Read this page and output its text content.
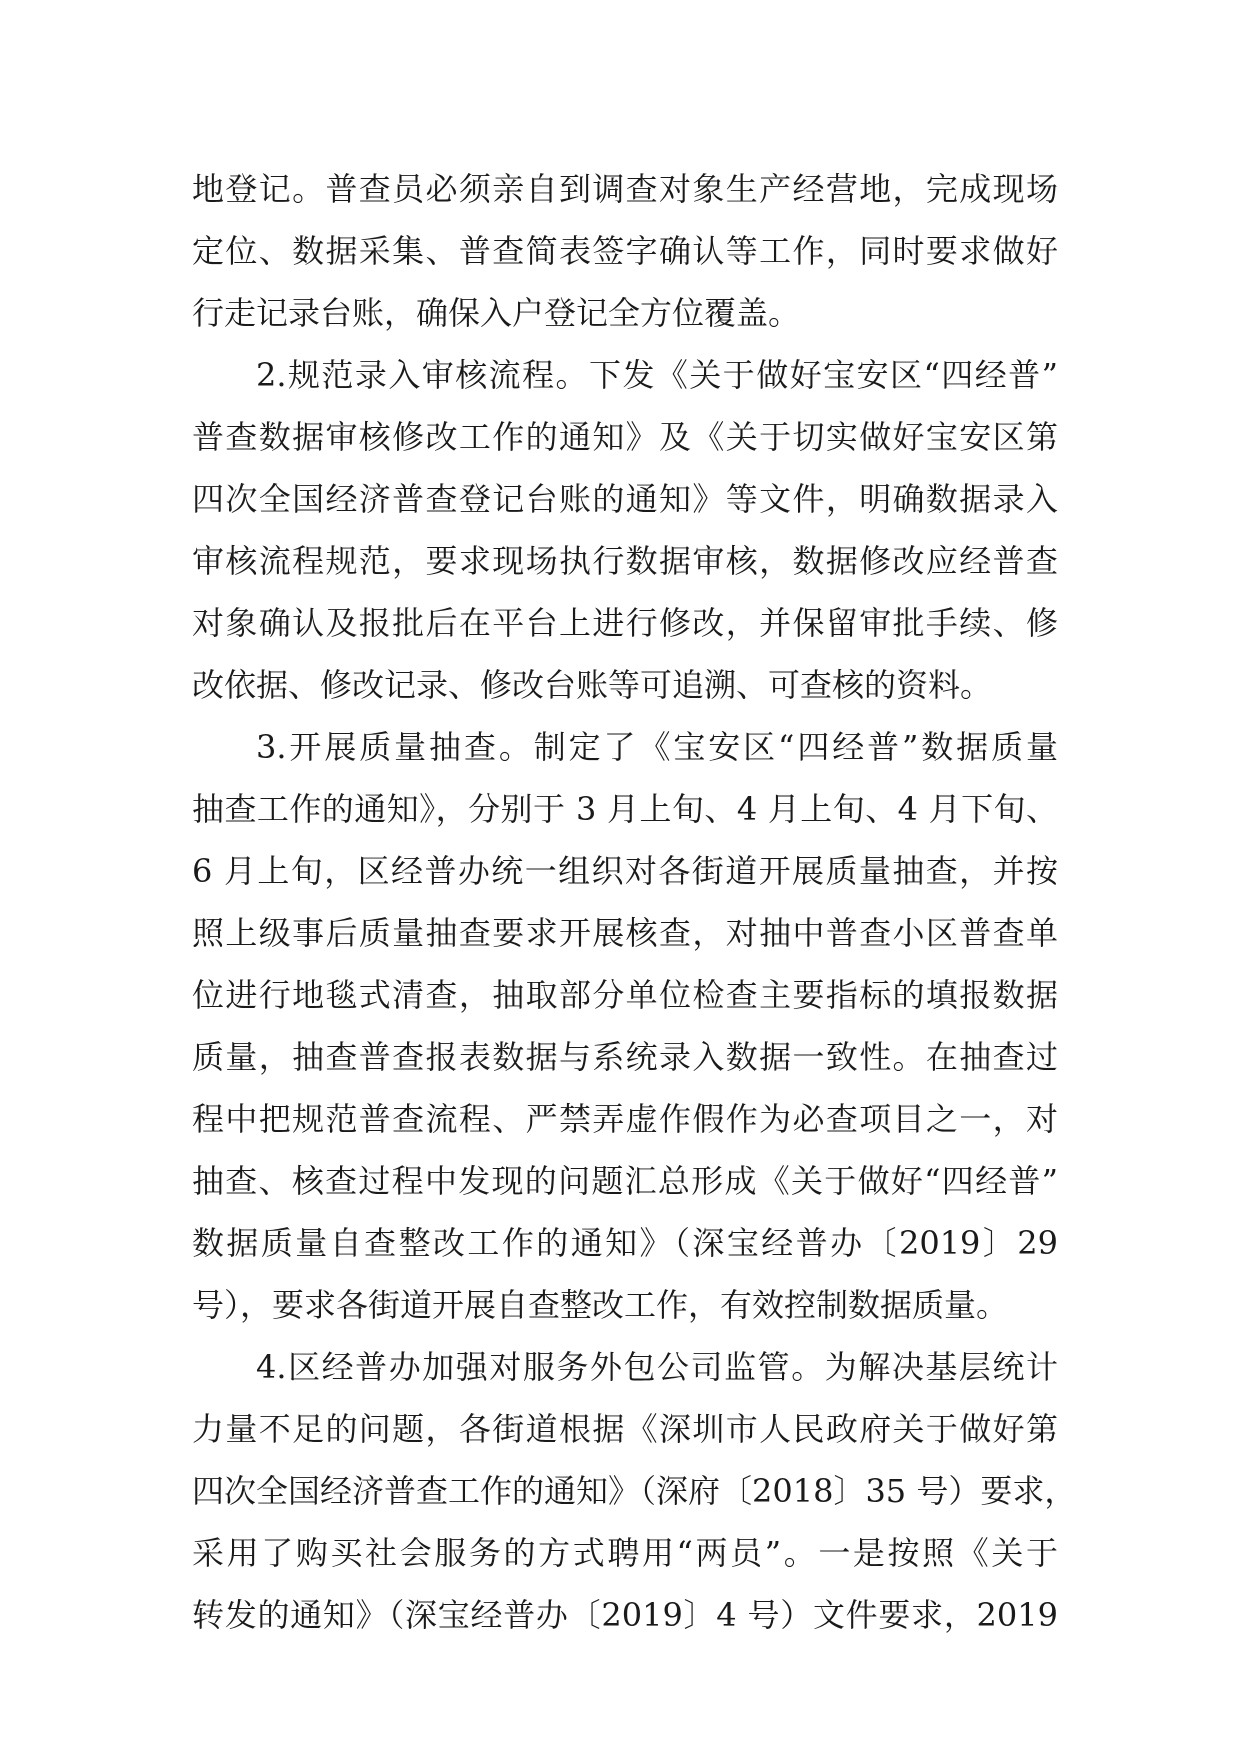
地登记。普查员必须亲自到调查对象生产经营地，完成现场
定位、数据采集、普查简表签字确认等工作，同时要求做好
行走记录台账，确保入户登记全方位覆盖。
2.规范录入审核流程。下发《关于做好宝安区“四经普”
普查数据审核修改工作的通知》及《关于切实做好宝安区第
四次全国经济普查登记台账的通知》等文件，明确数据录入
审核流程规范，要求现场执行数据审核，数据修改应经普查
对象确认及报批后在平台上进行修改，并保留审批手续、修
改依据、修改记录、修改台账等可追溯、可查核的资料。
3.开展质量抽查。制定了《宝安区“四经普”数据质量
抽查工作的通知》，分别于 3 月上旬、4 月上旬、4 月下旬、
6 月上旬，区经普办统一组织对各街道开展质量抽查，并按
照上级事后质量抽查要求开展核查，对抽中普查小区普查单
位进行地毯式清查，抽取部分单位检查主要指标的填报数据
质量，抽查普查报表数据与系统录入数据一致性。在抽查过
程中把规范普查流程、严禁弄虚作假作为必查项目之一，对
抽查、核查过程中发现的问题汇总形成《关于做好“四经普”
数据质量自查整改工作的通知》（深宝经普办〔2019〕29
号），要求各街道开展自查整改工作，有效控制数据质量。
4.区经普办加强对服务外包公司监管。为解决基层统计
力量不足的问题，各街道根据《深圳市人民政府关于做好第
四次全国经济普查工作的通知》（深府〔2018〕35 号）要求，
采用了购买社会服务的方式聘用“两员”。一是按照《关于
转发的通知》（深宝经普办〔2019〕4 号）文件要求，2019
